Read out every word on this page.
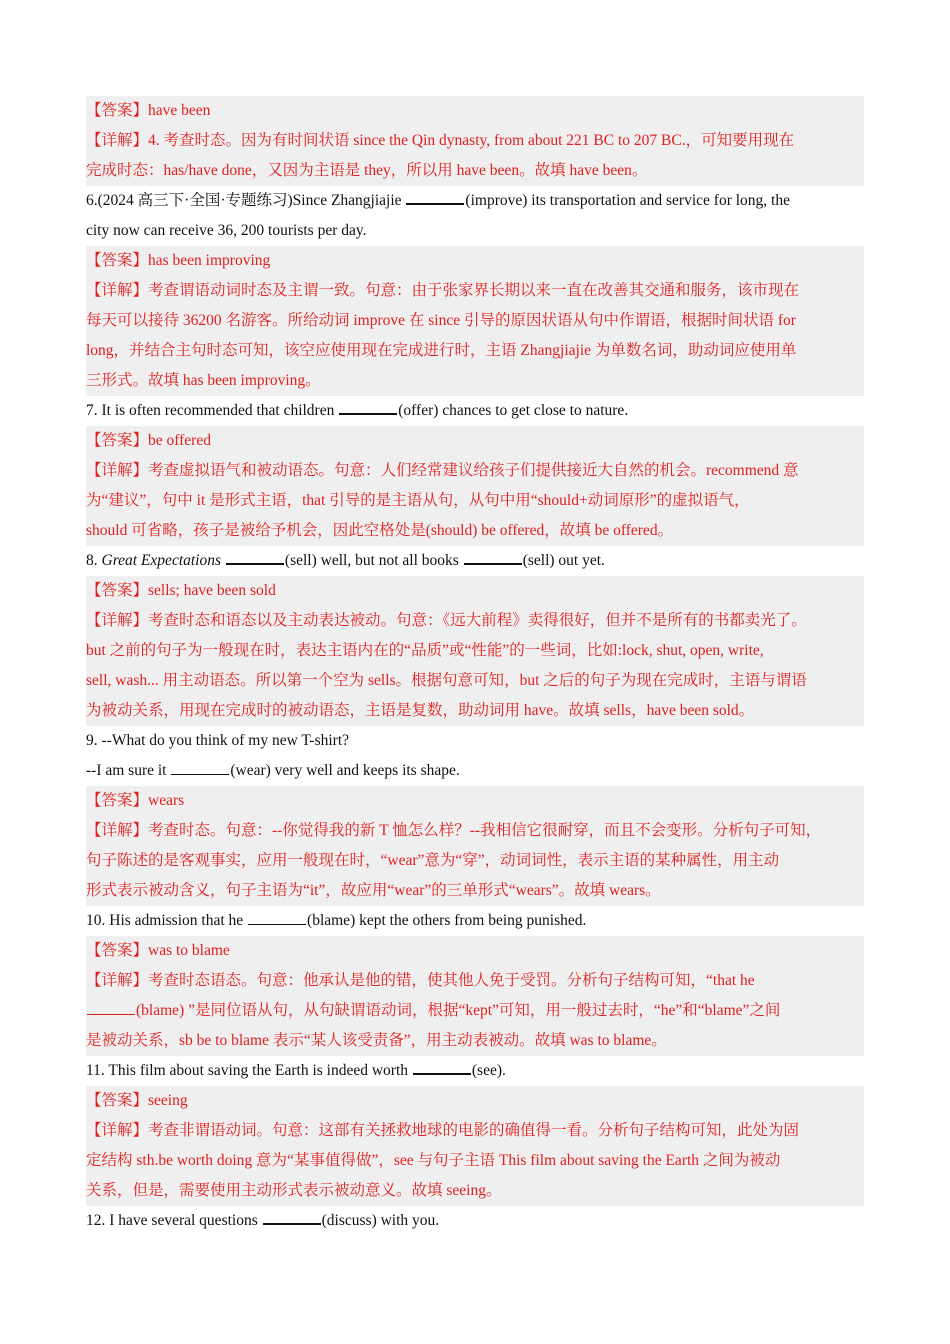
【答案】have been
【详解】4. 考查时态。因为有时间状语 since the Qin dynasty, from about 221 BC to 207 BC.，可知要用现在
完成时态：has/have done，又因为主语是 they，所以用 have been。故填 have been。
6.(2024 高三下·全国·专题练习)Since Zhangjiajie	(improve) its transportation and service for long, the
city now can receive 36, 200 tourists per day.
【答案】has been improving
【详解】考查谓语动词时态及主谓一致。句意：由于张家界长期以来一直在改善其交通和服务，该市现在
每天可以接待 36200 名游客。所给动词 improve 在 since 引导的原因状语从句中作谓语，根据时间状语 for
long，并结合主句时态可知，该空应使用现在完成进行时，主语 Zhangjiajie 为单数名词，助动词应使用单
三形式。故填 has been improving。
7. It is often recommended that children	(offer) chances to get close to nature.
【答案】be offered
【详解】考查虚拟语气和被动语态。句意：人们经常建议给孩子们提供接近大自然的机会。recommend 意
为“建议”，句中 it 是形式主语，that 引导的是主语从句，从句中用“should+动词原形”的虚拟语气，
should 可省略，孩子是被给予机会，因此空格处是(should) be offered，故填 be offered。
8. Great Expectations	(sell) well, but not all books	(sell) out yet.
【答案】sells; have been sold
【详解】考查时态和语态以及主动表达被动。句意：《远大前程》卖得很好，但并不是所有的书都卖光了。
but 之前的句子为一般现在时，表达主语内在的“品质”或“性能”的一些词，比如:lock, shut, open, write,
sell, wash... 用主动语态。所以第一个空为 sells。根据句意可知，but 之后的句子为现在完成时，主语与谓语
为被动关系，用现在完成时的被动语态，主语是复数，助动词用 have。故填 sells，have been sold。
9. --What do you think of my new T-shirt?
--I am sure it	(wear) very well and keeps its shape.
【答案】wears
【详解】考查时态。句意：--你觉得我的新 T 恤怎么样？--我相信它很耐穿，而且不会变形。分析句子可知，
句子陈述的是客观事实，应用一般现在时，“wear”意为“穿”，动词词性，表示主语的某种属性，用主动
形式表示被动含义，句子主语为“it”，故应用“wear”的三单形式“wears”。故填 wears。
10. His admission that he	(blame) kept the others from being punished.
【答案】was to blame
【详解】考查时态语态。句意：他承认是他的错，使其他人免于受罚。分析句子结构可知，“that he
(blame) ”是同位语从句，从句缺谓语动词，根据“kept”可知，用一般过去时，“he”和“blame”之间
是被动关系，sb be to blame 表示“某人该受责备”，用主动表被动。故填 was to blame。
11. This film about saving the Earth is indeed worth	(see).
【答案】seeing
【详解】考查非谓语动词。句意：这部有关拯救地球的电影的确值得一看。分析句子结构可知，此处为固
定结构 sth.be worth doing 意为“某事值得做”，see 与句子主语 This film about saving the Earth 之间为被动
关系，但是，需要使用主动形式表示被动意义。故填 seeing。
12. I have several questions	(discuss) with you.
